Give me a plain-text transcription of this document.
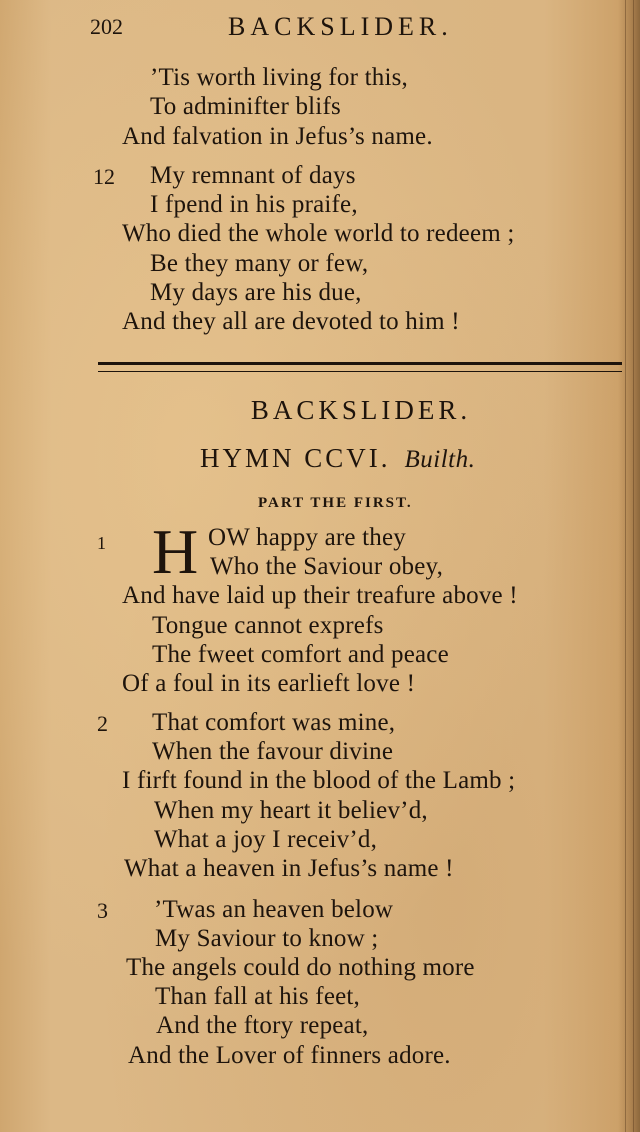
202	BACKSLIDER.
’Tis worth living for this,
To adminifter blifs
And falvation in Jefus’s name.
12 My remnant of days
I fpend in his praife,
Who died the whole world to redeem ;
Be they many or few,
My days are his due,
And they all are devoted to him !
BACKSLIDER.
HYMN CCVI. Builth.
PART THE FIRST.
1 H OW happy are they
Who the Saviour obey,
And have laid up their treafure above !
Tongue cannot exprefs
The fweet comfort and peace
Of a foul in its earlieft love !
2 That comfort was mine,
When the favour divine
I firft found in the blood of the Lamb ;
When my heart it believ’d,
What a joy I receiv’d,
What a heaven in Jefus’s name !
3 ’Twas an heaven below
My Saviour to know ;
The angels could do nothing more
Than fall at his feet,
And the ftory repeat,
And the Lover of finners adore.
